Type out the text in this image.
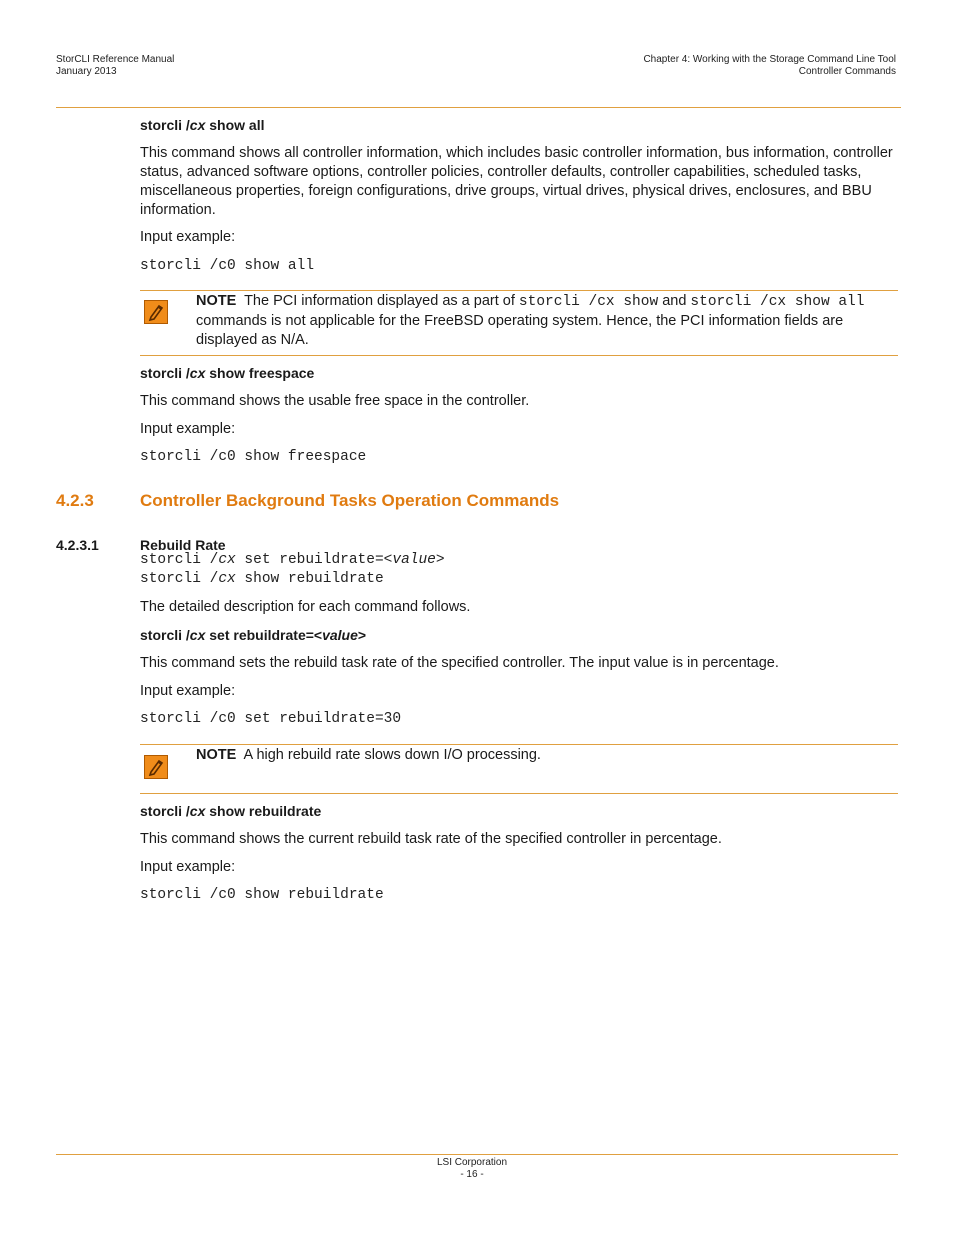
StorCLI Reference Manual
January 2013
Chapter 4: Working with the Storage Command Line Tool
Controller Commands
storcli /cx show all
This command shows all controller information, which includes basic controller information, bus information, controller status, advanced software options, controller policies, controller defaults, controller capabilities, scheduled tasks, miscellaneous properties, foreign configurations, drive groups, virtual drives, physical drives, enclosures, and BBU information.
Input example:
storcli /c0 show all
NOTE The PCI information displayed as a part of storcli /cx show and storcli /cx show all commands is not applicable for the FreeBSD operating system. Hence, the PCI information fields are displayed as N/A.
storcli /cx show freespace
This command shows the usable free space in the controller.
Input example:
storcli /c0 show freespace
4.2.3	Controller Background Tasks Operation Commands
4.2.3.1	Rebuild Rate
storcli /cx set rebuildrate=<value>
storcli /cx show rebuildrate
The detailed description for each command follows.
storcli /cx set rebuildrate=<value>
This command sets the rebuild task rate of the specified controller. The input value is in percentage.
Input example:
storcli /c0 set rebuildrate=30
NOTE A high rebuild rate slows down I/O processing.
storcli /cx show rebuildrate
This command shows the current rebuild task rate of the specified controller in percentage.
Input example:
storcli /c0 show rebuildrate
LSI Corporation
- 16 -
